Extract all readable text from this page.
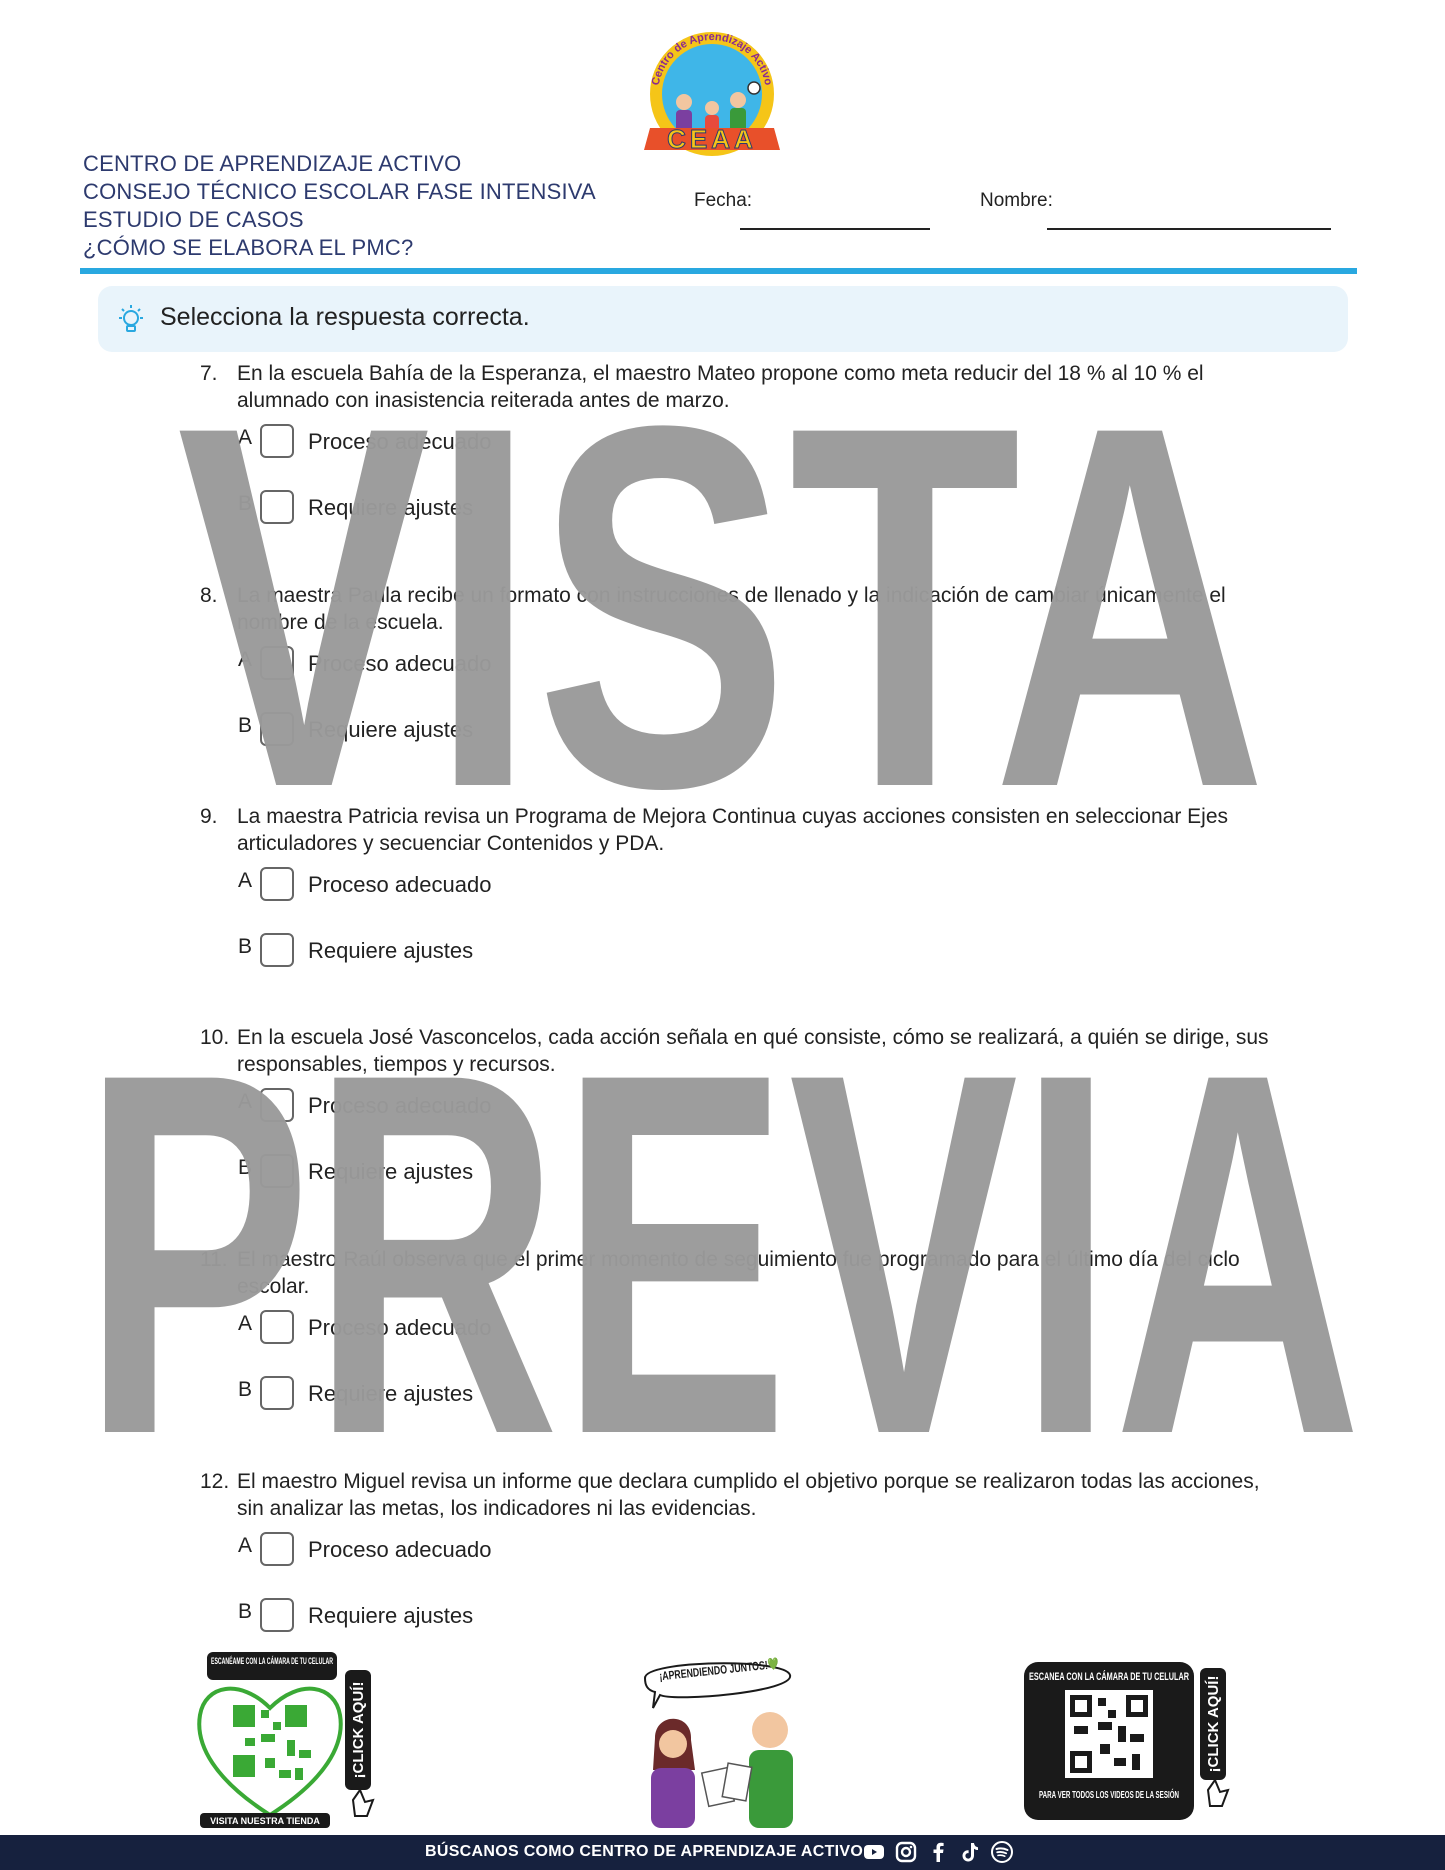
Centro de Aprendizaje Activo
CEAA
CENTRO DE APRENDIZAJE ACTIVO
CONSEJO TÉCNICO ESCOLAR FASE INTENSIVA
ESTUDIO DE CASOS
¿CÓMO SE ELABORA EL PMC?
Fecha:	Nombre:
Selecciona la respuesta correcta.
7. En la escuela Bahía de la Esperanza, el maestro Mateo propone como meta reducir del 18 % al 10 % el alumnado con inasistencia reiterada antes de marzo.
A	Proceso adecuado
B	Requiere ajustes
8. La maestra Paula recibe un formato con instrucciones de llenado y la indicación de cambiar únicamente el nombre de la escuela.
A	Proceso adecuado
B	Requiere ajustes
9. La maestra Patricia revisa un Programa de Mejora Continua cuyas acciones consisten en seleccionar Ejes articuladores y secuenciar Contenidos y PDA.
A	Proceso adecuado
B	Requiere ajustes
10. En la escuela José Vasconcelos, cada acción señala en qué consiste, cómo se realizará, a quién se dirige, sus responsables, tiempos y recursos.
A	Proceso adecuado
B	Requiere ajustes
11. El maestro Raúl observa que el primer momento de seguimiento fue programado para el último día del ciclo escolar.
A	Proceso adecuado
B	Requiere ajustes
12. El maestro Miguel revisa un informe que declara cumplido el objetivo porque se realizaron todas las acciones, sin analizar las metas, los indicadores ni las evidencias.
A	Proceso adecuado
B	Requiere ajustes
VISTA
PREVIA
ESCANÉAME CON LA CÁMARA DE TU CELULAR
VISITA NUESTRA TIENDA
¡CLICK AQUÍ!
¡APRENDIENDO JUNTOS!💚	ESCANEA CON LA CÁMARA DE TU CELULAR
PARA VER TODOS LOS VIDEOS DE LA SESIÓN
¡CLICK AQUÍ!
BÚSCANOS COMO CENTRO DE APRENDIZAJE ACTIVO
